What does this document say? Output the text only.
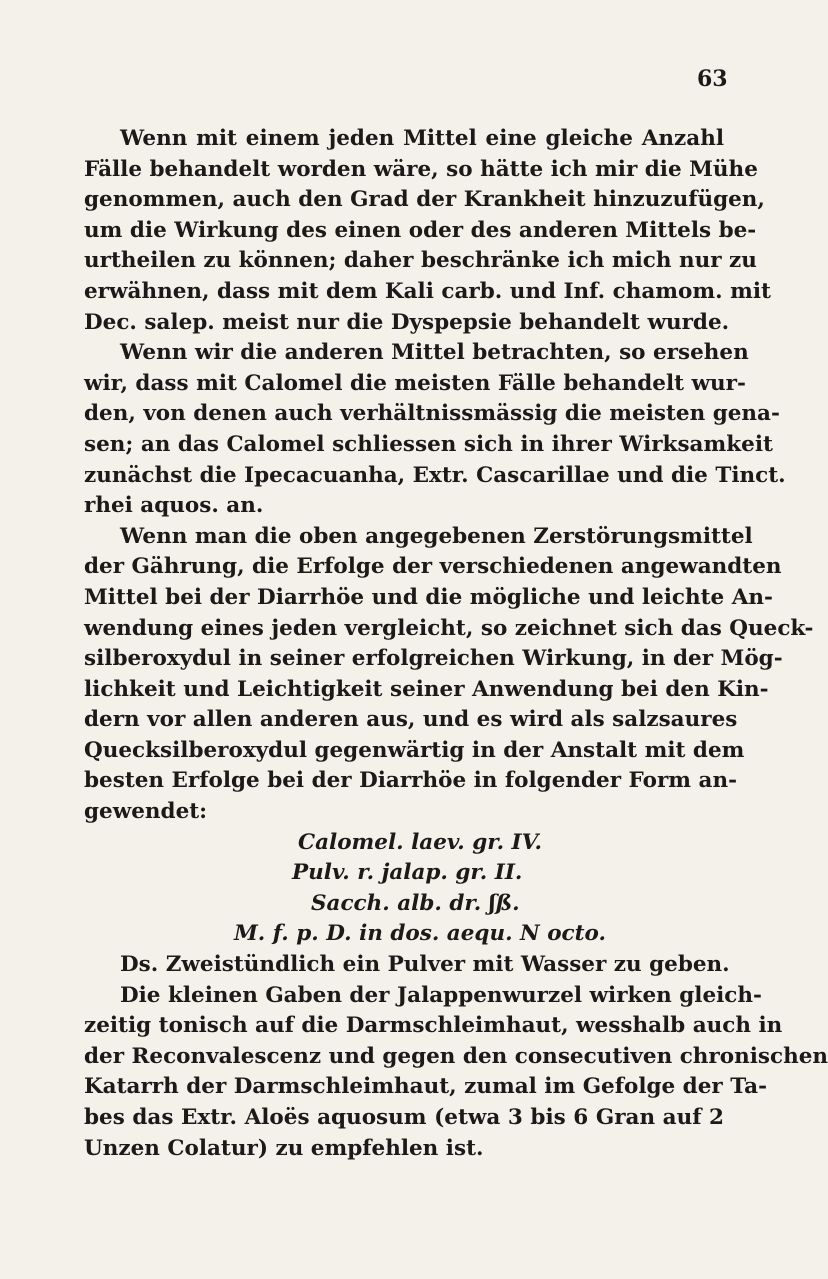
63
Wenn mit einem jeden Mittel eine gleiche Anzahl
Fälle behandelt worden wäre, so hätte ich mir die Mühe
genommen, auch den Grad der Krankheit hinzuzufügen,
um die Wirkung des einen oder des anderen Mittels be-
urtheilen zu können; daher beschränke ich mich nur zu
erwähnen, dass mit dem Kali carb. und Inf. chamom. mit
Dec. salep. meist nur die Dyspepsie behandelt wurde.
Wenn wir die anderen Mittel betrachten, so ersehen
wir, dass mit Calomel die meisten Fälle behandelt wur-
den, von denen auch verhältnissmässig die meisten gena-
sen; an das Calomel schliessen sich in ihrer Wirksamkeit
zunächst die Ipecacuanha, Extr. Cascarillae und die Tinct.
rhei aquos. an.
Wenn man die oben angegebenen Zerstörungsmittel
der Gährung, die Erfolge der verschiedenen angewandten
Mittel bei der Diarrhöe und die mögliche und leichte An-
wendung eines jeden vergleicht, so zeichnet sich das Queck-
silberoxydul in seiner erfolgreichen Wirkung, in der Mög-
lichkeit und Leichtigkeit seiner Anwendung bei den Kin-
dern vor allen anderen aus, und es wird als salzsaures
Quecksilberoxydul gegenwärtig in der Anstalt mit dem
besten Erfolge bei der Diarrhöe in folgender Form an-
gewendet:
Calomel. laev. gr. IV.
Pulv. r. jalap. gr. II.
Sacch. alb. dr. ʃß.
M. f. p. D. in dos. aequ. N octo.
Ds. Zweistündlich ein Pulver mit Wasser zu geben.
Die kleinen Gaben der Jalappenwurzel wirken gleich-
zeitig tonisch auf die Darmschleimhaut, wesshalb auch in
der Reconvalescenz und gegen den consecutiven chronischen
Katarrh der Darmschleimhaut, zumal im Gefolge der Ta-
bes das Extr. Aloës aquosum (etwa 3 bis 6 Gran auf 2
Unzen Colatur) zu empfehlen ist.
